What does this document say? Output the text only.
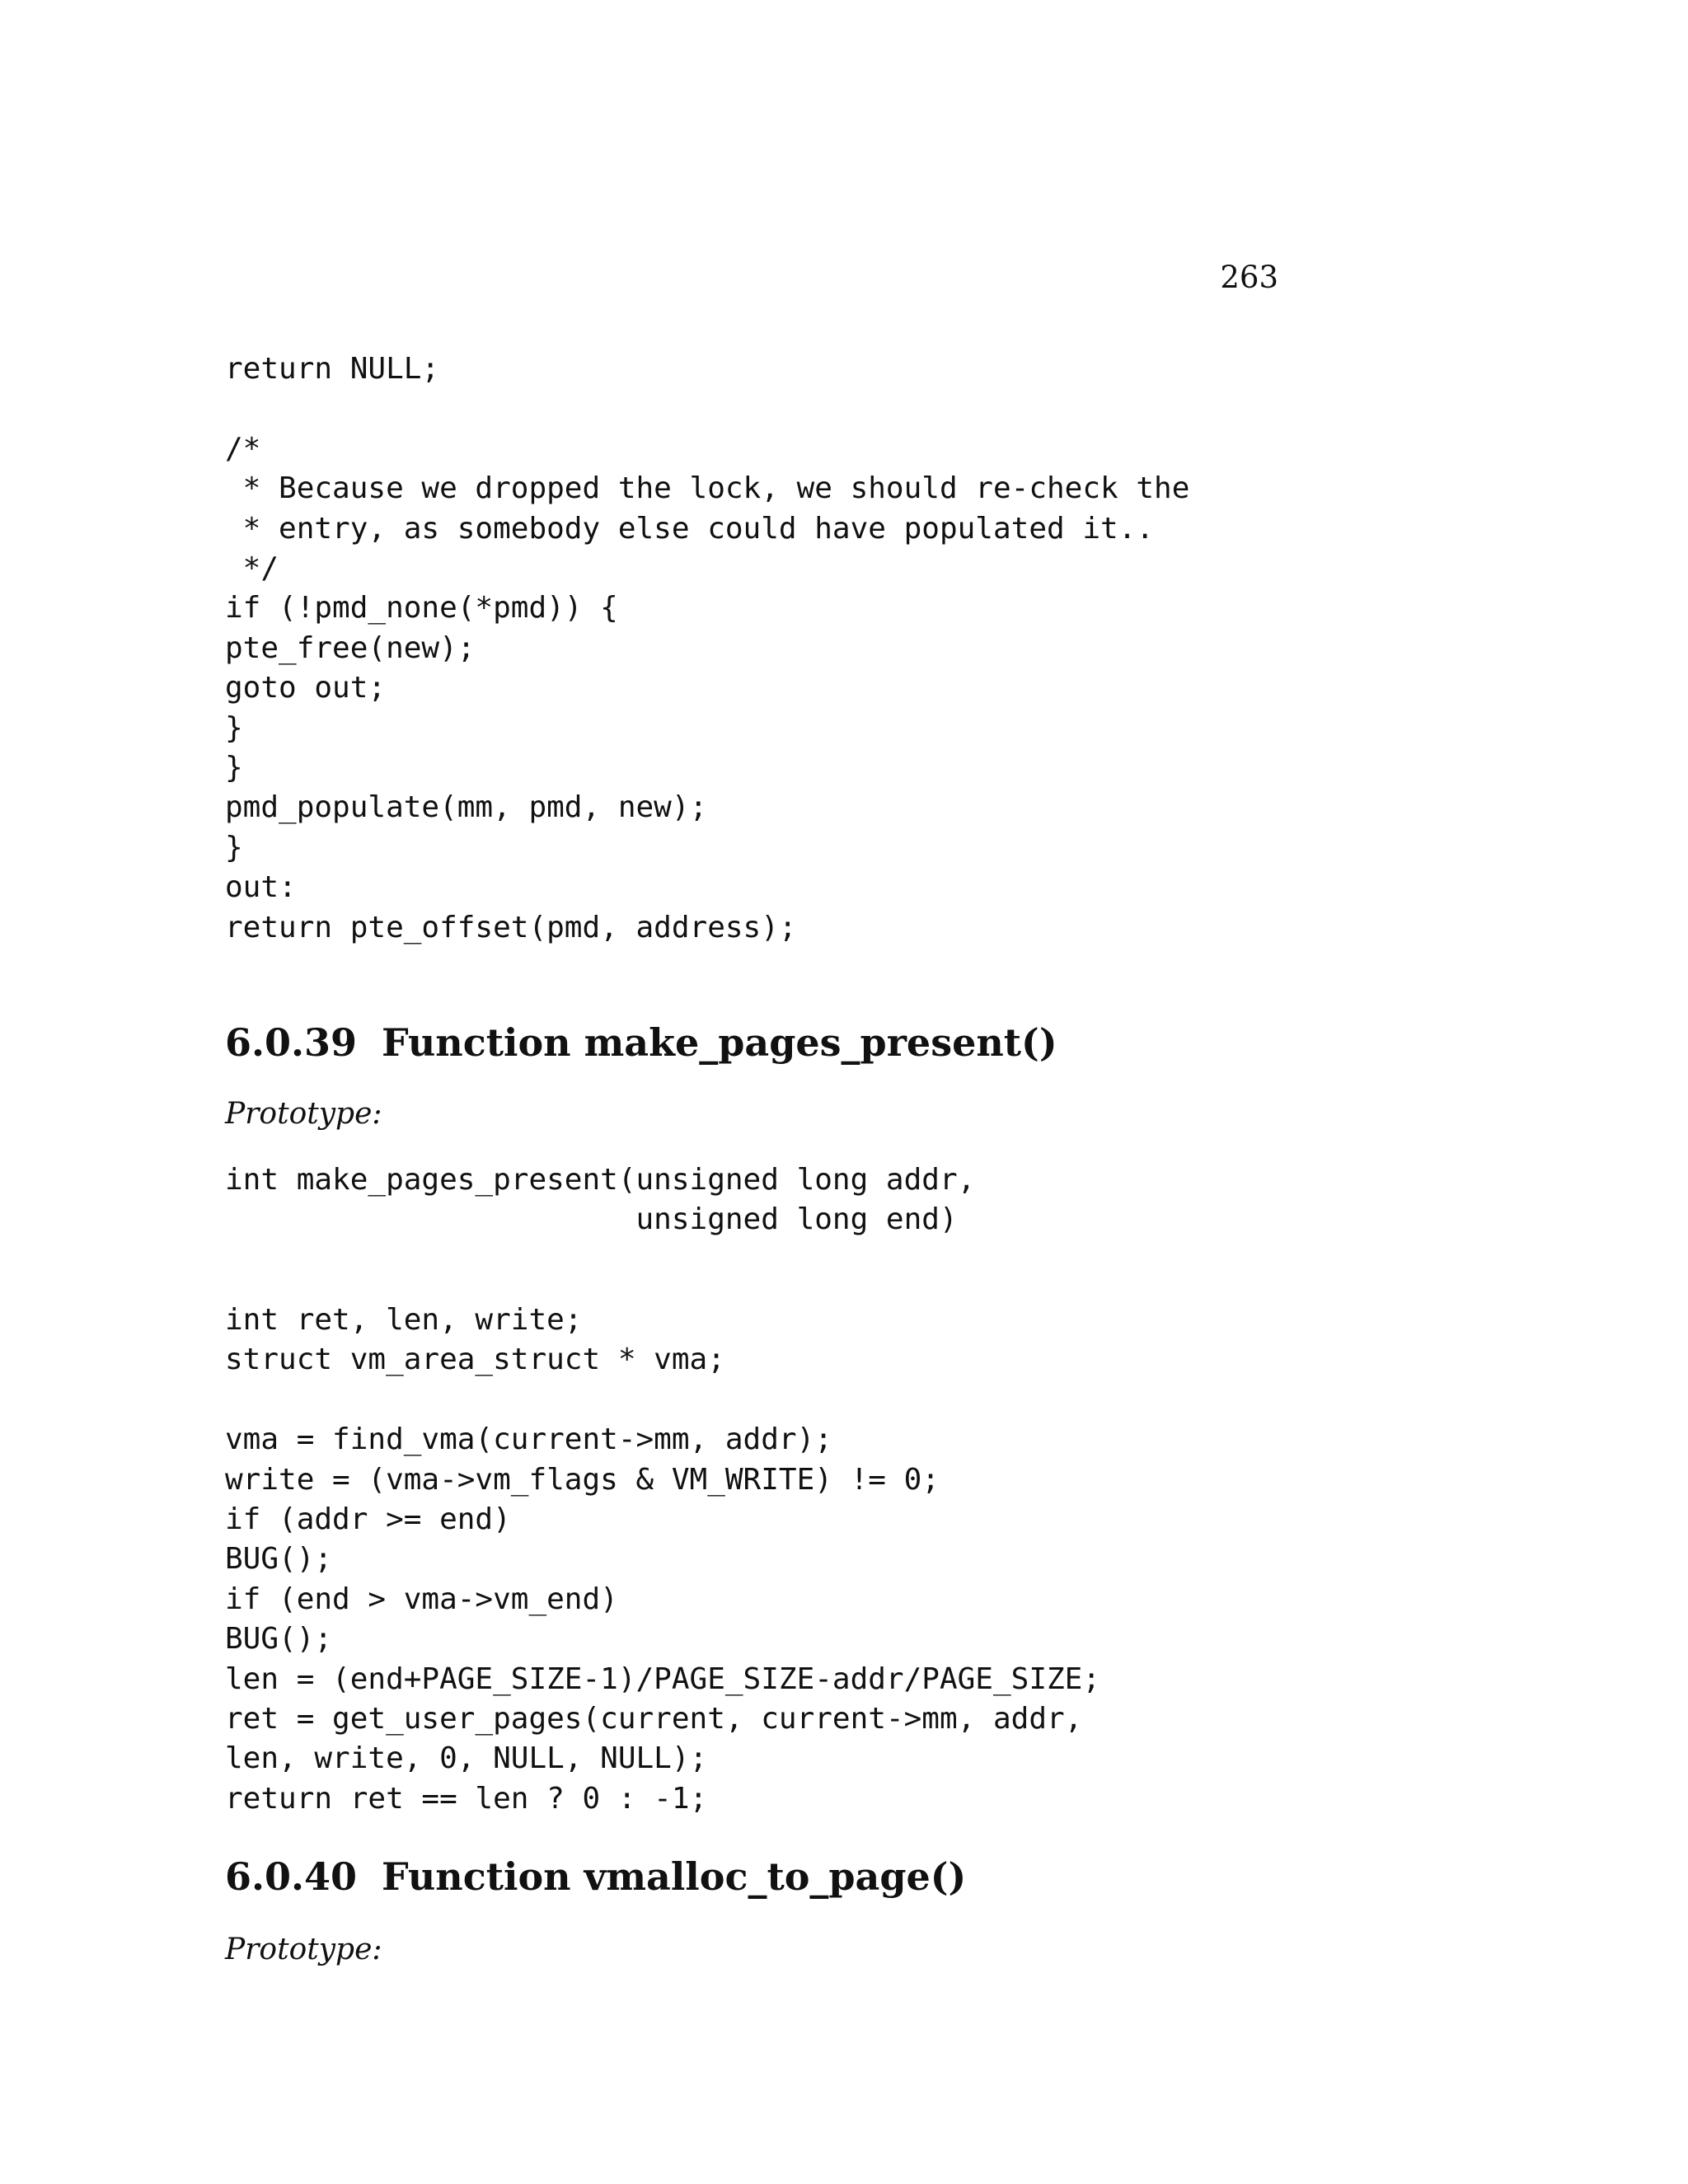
263
return NULL;

/*
* Because we dropped the lock, we should re-check the
* entry, as somebody else could have populated it..
*/
if (!pmd_none(*pmd)) {
pte_free(new);
goto out;
}
}
pmd_populate(mm, pmd, new);
}
out:
return pte_offset(pmd, address);
6.0.39 Function make_pages_present()
Prototype:
int make_pages_present(unsigned long addr,
unsigned long end)
int ret, len, write;
struct vm_area_struct * vma;

vma = find_vma(current->mm, addr);
write = (vma->vm_flags & VM_WRITE) != 0;
if (addr >= end)
BUG();
if (end > vma->vm_end)
BUG();
len = (end+PAGE_SIZE-1)/PAGE_SIZE-addr/PAGE_SIZE;
ret = get_user_pages(current, current->mm, addr,
len, write, 0, NULL, NULL);
return ret == len ? 0 : -1;
6.0.40 Function vmalloc_to_page()
Prototype:
